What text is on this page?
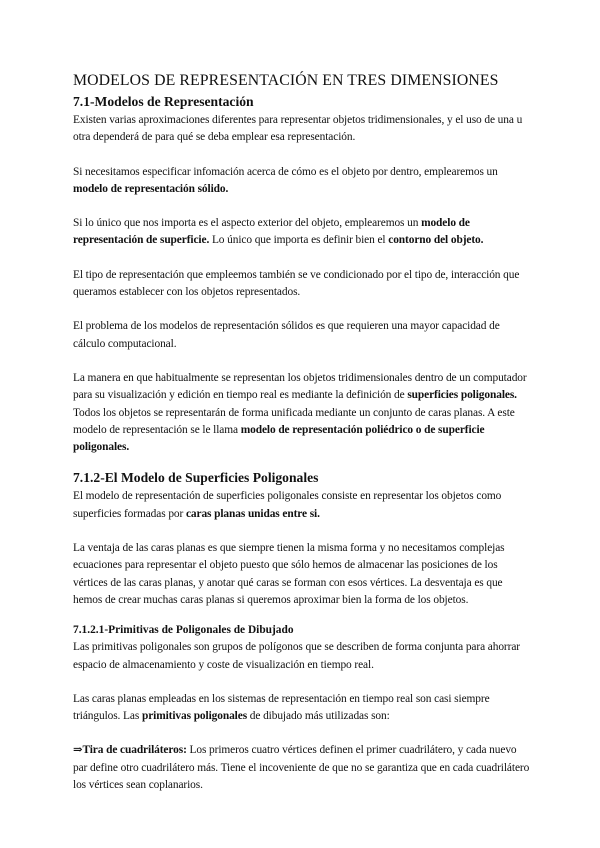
MODELOS DE REPRESENTACIÓN EN TRES DIMENSIONES
7.1-Modelos de Representación

Existen varias aproximaciones diferentes para representar objetos tridimensionales, y el uso de una u otra dependerá de para qué se deba emplear esa representación.

Si necesitamos especificar infomación acerca de cómo es el objeto por dentro, emplearemos un modelo de representación sólido.

Si lo único que nos importa es el aspecto exterior del objeto, emplearemos un modelo de representación de superficie. Lo único que importa es definir bien el contorno del objeto.

El tipo de representación que empleemos también se ve condicionado por el tipo de, interacción que queramos establecer con los objetos representados.

El problema de los modelos de representación sólidos es que requieren una mayor capacidad de cálculo computacional.

La manera en que habitualmente se representan los objetos tridimensionales dentro de un computador para su visualización y edición en tiempo real es mediante la definición de superficies poligonales. Todos los objetos se representarán de forma unificada mediante un conjunto de caras planas. A este modelo de representación se le llama modelo de representación poliédrico o de superficie poligonales.

7.1.2-El Modelo de Superficies Poligonales

El modelo de representación de superficies poligonales consiste en representar los objetos como superficies formadas por caras planas unidas entre si.

La ventaja de las caras planas es que siempre tienen la misma forma y no necesitamos complejas ecuaciones para representar el objeto puesto que sólo hemos de almacenar las posiciones de los vértices de las caras planas, y anotar qué caras se forman con esos vértices. La desventaja es que hemos de crear muchas caras planas si queremos aproximar bien la forma de los objetos.

7.1.2.1-Primitivas de Poligonales de Dibujado

Las primitivas poligonales son grupos de polígonos que se describen de forma conjunta para ahorrar espacio de almacenamiento y coste de visualización en tiempo real.

Las caras planas empleadas en los sistemas de representación en tiempo real son casi siempre triángulos. Las primitivas poligonales de dibujado más utilizadas son:

⇒Tira de cuadriláteros: Los primeros cuatro vértices definen el primer cuadrilátero, y cada nuevo par define otro cuadrilátero más. Tiene el incoveniente de que no se garantiza que en cada cuadrilátero los vértices sean coplanarios.
